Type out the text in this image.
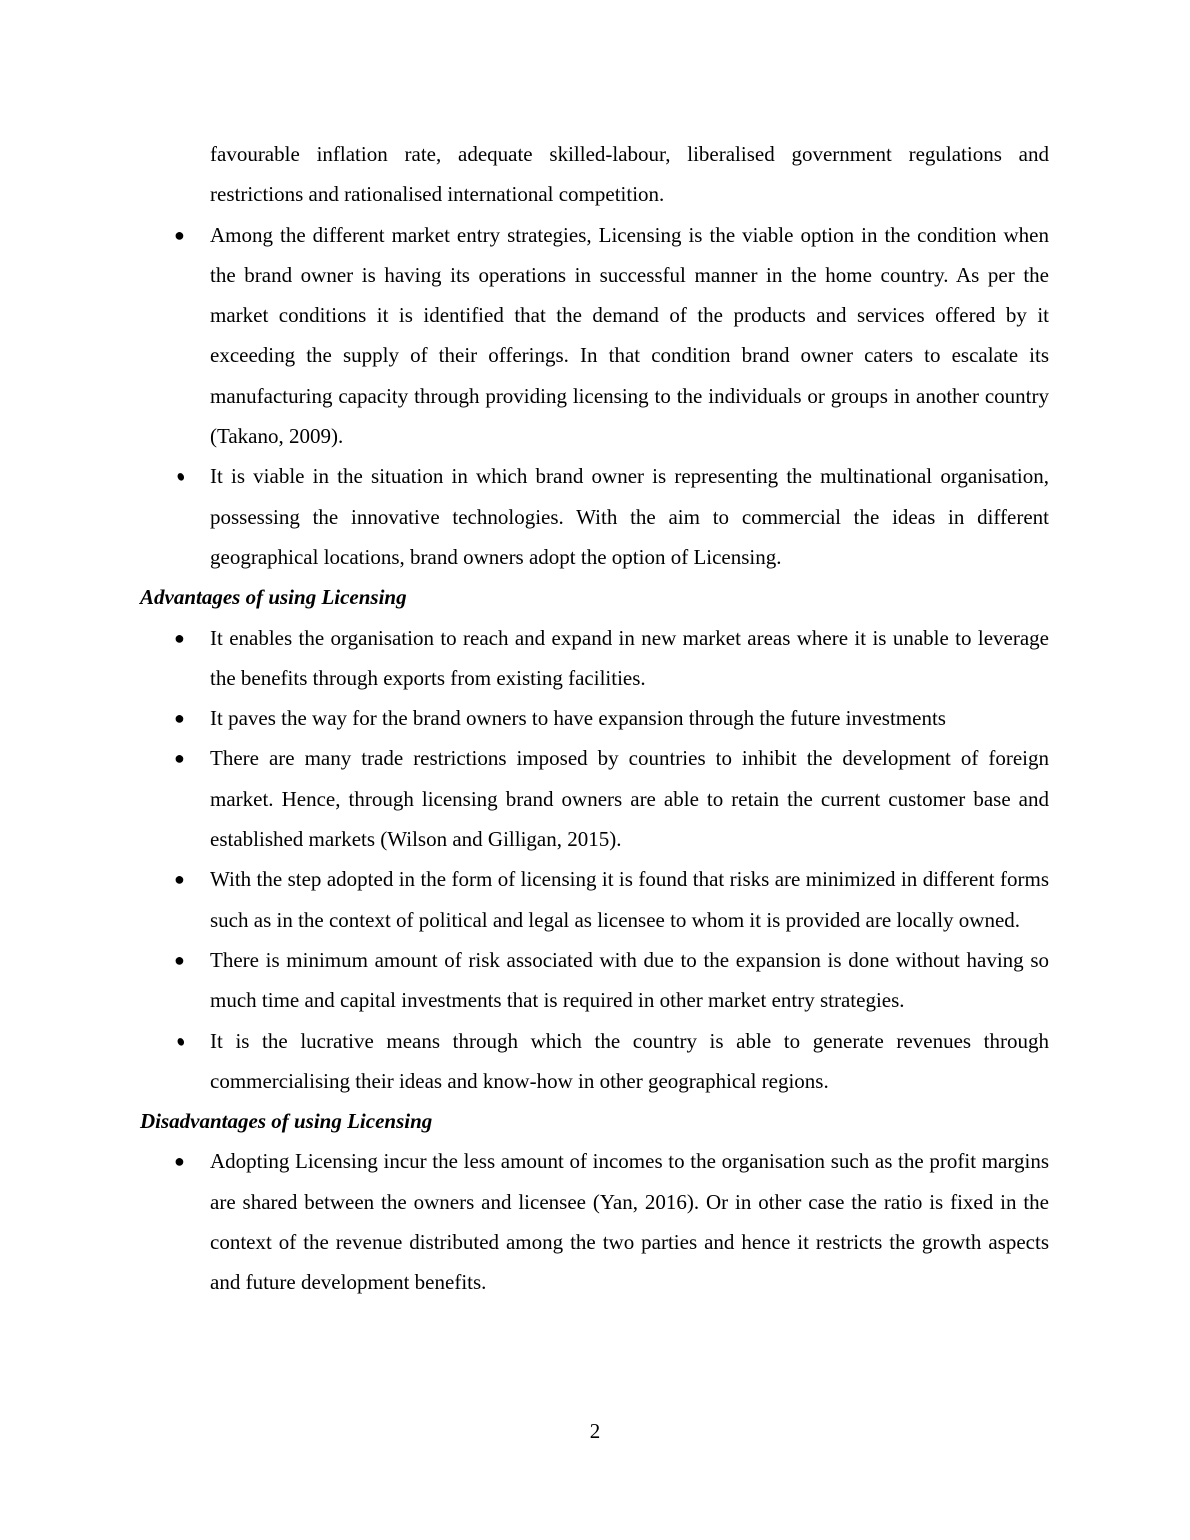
favourable inflation rate, adequate skilled-labour, liberalised government regulations and restrictions and rationalised international competition.

● Among the different market entry strategies, Licensing is the viable option in the condition when the brand owner is having its operations in successful manner in the home country. As per the market conditions it is identified that the demand of the products and services offered by it exceeding the supply of their offerings. In that condition brand owner caters to escalate its manufacturing capacity through providing licensing to the individuals or groups in another country (Takano, 2009).
● It is viable in the situation in which brand owner is representing the multinational organisation, possessing the innovative technologies. With the aim to commercial the ideas in different geographical locations, brand owners adopt the option of Licensing.

Advantages of using Licensing

● It enables the organisation to reach and expand in new market areas where it is unable to leverage the benefits through exports from existing facilities.
● It paves the way for the brand owners to have expansion through the future investments
● There are many trade restrictions imposed by countries to inhibit the development of foreign market. Hence, through licensing brand owners are able to retain the current customer base and established markets (Wilson and Gilligan, 2015).
● With the step adopted in the form of licensing it is found that risks are minimized in different forms such as in the context of political and legal as licensee to whom it is provided are locally owned.
● There is minimum amount of risk associated with due to the expansion is done without having so much time and capital investments that is required in other market entry strategies.
● It is the lucrative means through which the country is able to generate revenues through commercialising their ideas and know-how in other geographical regions.

Disadvantages of using Licensing

● Adopting Licensing incur the less amount of incomes to the organisation such as the profit margins are shared between the owners and licensee (Yan, 2016). Or in other case the ratio is fixed in the context of the revenue distributed among the two parties and hence it restricts the growth aspects and future development benefits.
2
